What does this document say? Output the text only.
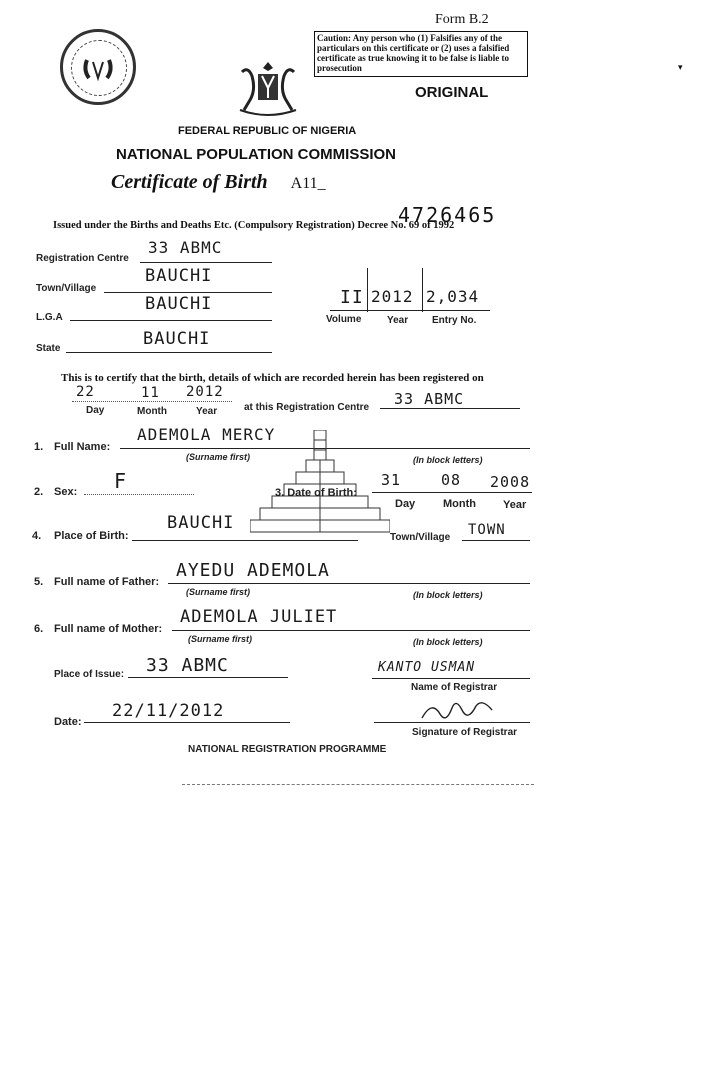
Form B.2
Caution: Any person who (1) Falsifies any of the particulars on this certificate or (2) uses a falsified certificate as true knowing it to be false is liable to prosecution
ORIGINAL
▾
FEDERAL REPUBLIC OF NIGERIA
NATIONAL POPULATION COMMISSION
Certificate of Birth A11_
4726465
Issued under the Births and Deaths Etc. (Compulsory Registration) Decree No. 69 of 1992
Registration Centre
33 ABMC
Town/Village
BAUCHI
L.G.A
BAUCHI
State	BAUCHI
II 2012 2,034
Volume	Year Entry No.
This is to certify that the birth, details of which are recorded herein has been registered on
22	11 2012
Day	Month	Year	at this Registration Centre 33 ABMC
1. Full Name:
ADEMOLA MERCY
(Surname first)	(In block letters)
2. Sex: F	3. Date of Birth:
31	08 2008
Day	Month Year
4. Place of Birth:
BAUCHI
Town/Village TOWN
5. Full name of Father:
AYEDU ADEMOLA
(Surname first)	(In block letters)
6. Full name of Mother:
ADEMOLA JULIET
(Surname first)	(In block letters)
Place of Issue: 33 ABMC	KANTO USMAN
Name of Registrar
Date:
22/11/2012
Signature of Registrar
NATIONAL REGISTRATION PROGRAMME
